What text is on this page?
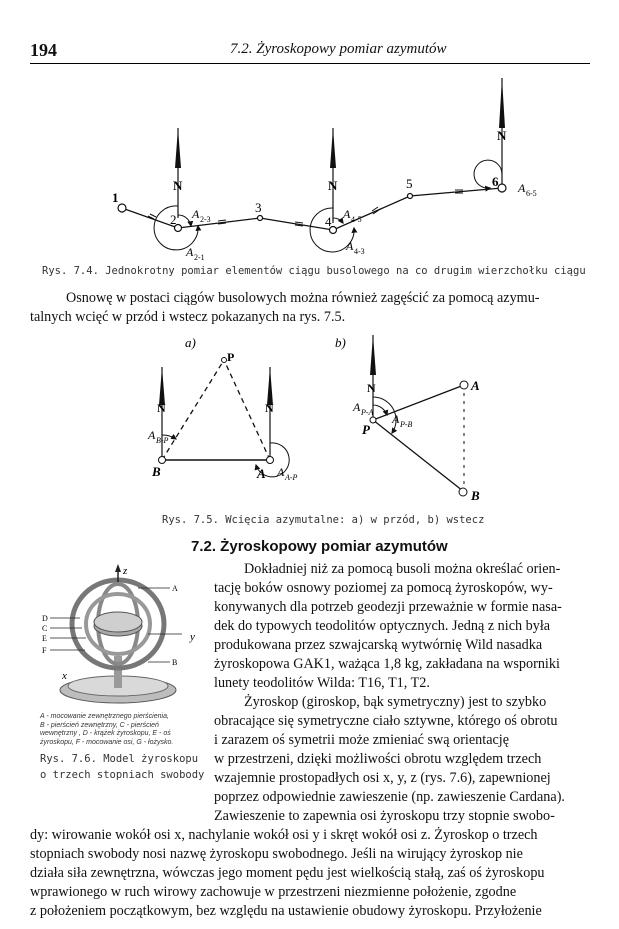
194	7.2. Żyroskopowy pomiar azymutów
N	N
N
1
2
3
4
5	6
A 2-3
A 2-1
A 4-5
A 4-3
A 6-5
Rys. 7.4. Jednokrotny pomiar elementów ciągu busolowego na co drugim wierzchołku ciągu
Osnowę w postaci ciągów busolowych można również zagęścić za pomocą azymu-
talnych wcięć w przód i wstecz pokazanych na rys. 7.5.
a)	b)
P
N	N
B	A
A B-P
A A-P
N	A
A P-A A P-B
P
B
Rys. 7.5. Wcięcia azymutalne: a) w przód, b) wstecz
7.2. Żyroskopowy pomiar azymutów
z
A
D
C
E
F
B
y
x
A - mocowanie zewnętrznego pierścienia,
B - pierścień zewnętrzny, C - pierścień
wewnętrzny , D - krążek żyroskopu, E - oś
żyroskopu, F - mocowanie osi, G - łożysko.
Rys. 7.6. Model żyroskopu
o trzech stopniach swobody
Dokładniej niż za pomocą busoli można określać orien-
tację boków osnowy poziomej za pomocą żyroskopów, wy-
konywanych dla potrzeb geodezji przeważnie w formie nasa-
dek do typowych teodolitów optycznych. Jedną z nich była
produkowana przez szwajcarską wytwórnię Wild nasadka
żyroskopowa GAK1, ważąca 1,8 kg, zakładana na wsporniki
lunety teodolitów Wilda: T16, T1, T2.
Żyroskop (giroskop, bąk symetryczny) jest to szybko
obracające się symetryczne ciało sztywne, którego oś obrotu
i zarazem oś symetrii może zmieniać swą orientację
w przestrzeni, dzięki możliwości obrotu względem trzech
wzajemnie prostopadłych osi x, y, z (rys. 7.6), zapewnionej
poprzez odpowiednie zawieszenie (np. zawieszenie Cardana).
Zawieszenie to zapewnia osi żyroskopu trzy stopnie swobo-
dy: wirowanie wokół osi x, nachylanie wokół osi y i skręt wokół osi z. Żyroskop o trzech
stopniach swobody nosi nazwę żyroskopu swobodnego. Jeśli na wirujący żyroskop nie
działa siła zewnętrzna, wówczas jego moment pędu jest wielkością stałą, zaś oś żyroskopu
wprawionego w ruch wirowy zachowuje w przestrzeni niezmienne położenie, zgodne
z położeniem początkowym, bez względu na ustawienie obudowy żyroskopu. Przyłożenie
